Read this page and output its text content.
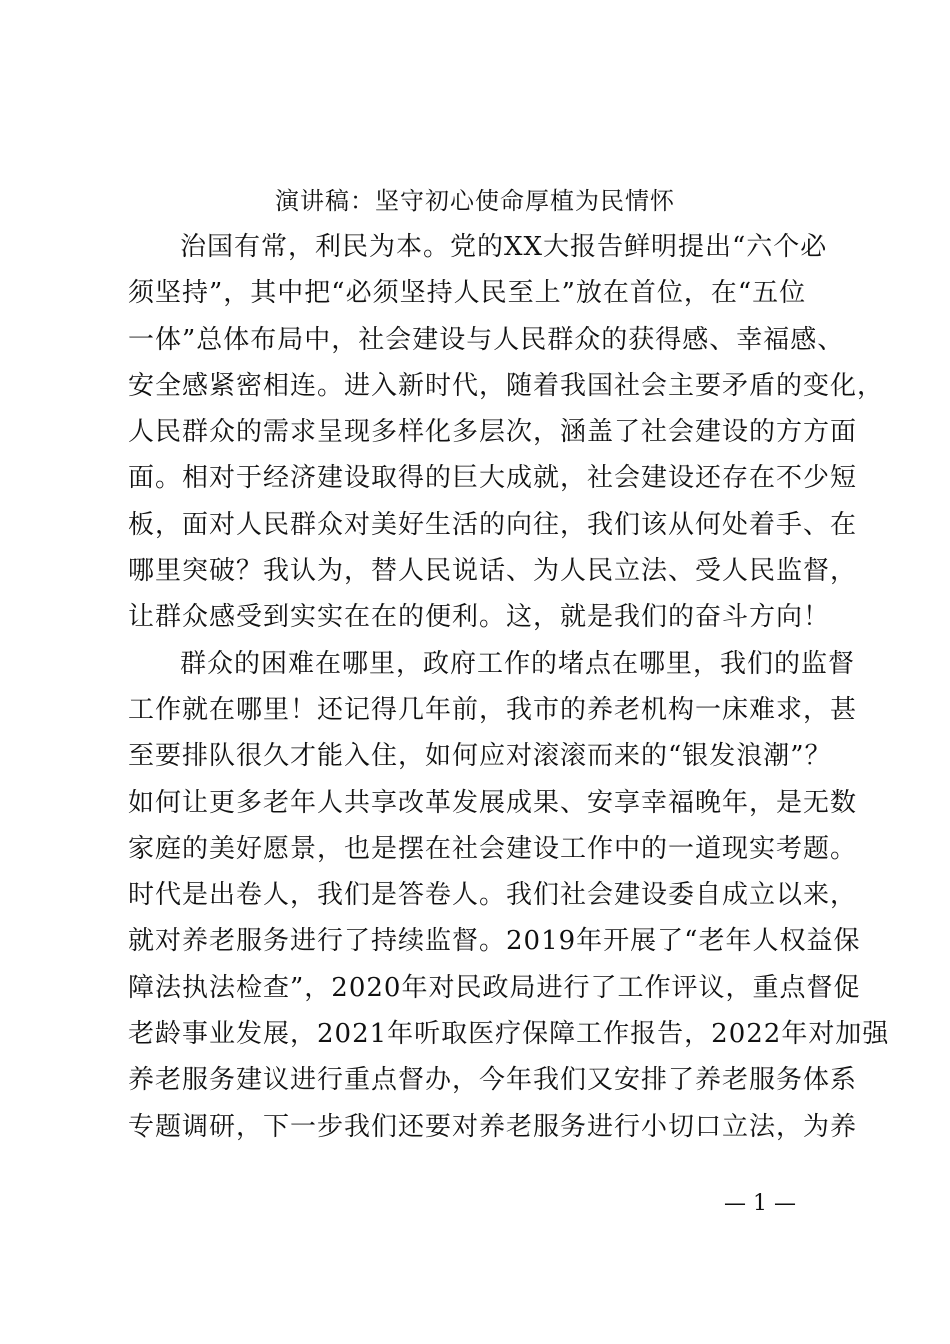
演讲稿：坚守初心使命厚植为民情怀
治国有常，利民为本。党的XX大报告鲜明提出“六个必
须坚持”，其中把“必须坚持人民至上”放在首位，在“五位
一体”总体布局中，社会建设与人民群众的获得感、幸福感、
安全感紧密相连。进入新时代，随着我国社会主要矛盾的变化，
人民群众的需求呈现多样化多层次，涵盖了社会建设的方方面
面。相对于经济建设取得的巨大成就，社会建设还存在不少短
板，面对人民群众对美好生活的向往，我们该从何处着手、在
哪里突破？我认为，替人民说话、为人民立法、受人民监督，
让群众感受到实实在在的便利。这，就是我们的奋斗方向！
群众的困难在哪里，政府工作的堵点在哪里，我们的监督
工作就在哪里！还记得几年前，我市的养老机构一床难求，甚
至要排队很久才能入住，如何应对滚滚而来的“银发浪潮”？
如何让更多老年人共享改革发展成果、安享幸福晚年，是无数
家庭的美好愿景，也是摆在社会建设工作中的一道现实考题。
时代是出卷人，我们是答卷人。我们社会建设委自成立以来，
就对养老服务进行了持续监督。2019年开展了“老年人权益保
障法执法检查”，2020年对民政局进行了工作评议，重点督促
老龄事业发展，2021年听取医疗保障工作报告，2022年对加强
养老服务建议进行重点督办，今年我们又安排了养老服务体系
专题调研，下一步我们还要对养老服务进行小切口立法，为养
— 1 —
